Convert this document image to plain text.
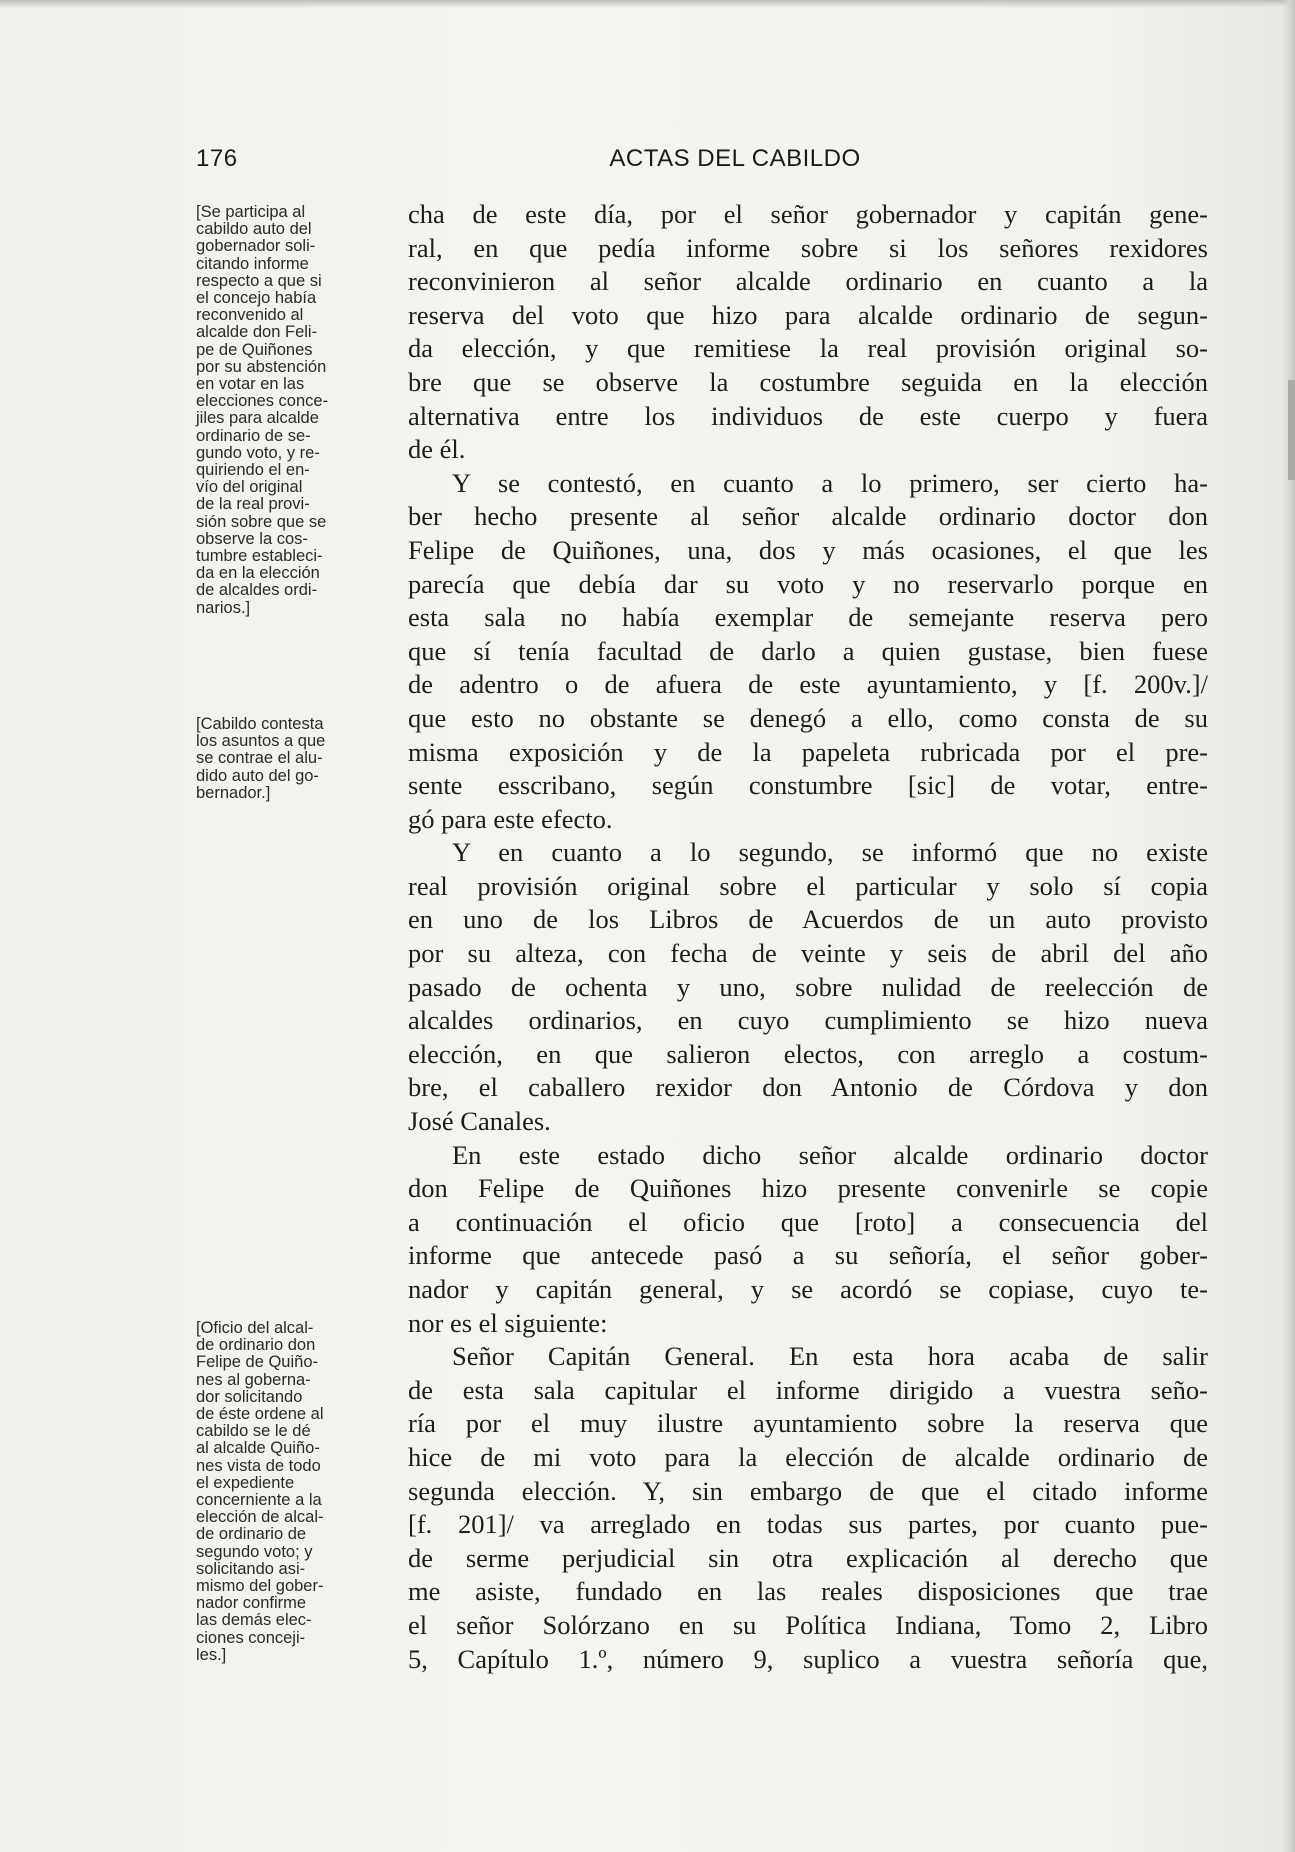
176	ACTAS DEL CABILDO
[Se participa al
cabildo auto del
gobernador soli-
citando informe
respecto a que si
el concejo había
reconvenido al
alcalde don Feli-
pe de Quiñones
por su abstención
en votar en las
elecciones conce-
jiles para alcalde
ordinario de se-
gundo voto, y re-
quiriendo el en-
vío del original
de la real provi-
sión sobre que se
observe la cos-
tumbre estableci-
da en la elección
de alcaldes ordi-
narios.]
[Cabildo contesta
los asuntos a que
se contrae el alu-
dido auto del go-
bernador.]
[Oficio del alcal-
de ordinario don
Felipe de Quiño-
nes al goberna-
dor solicitando
de éste ordene al
cabildo se le dé
al alcalde Quiño-
nes vista de todo
el expediente
concerniente a la
elección de alcal-
de ordinario de
segundo voto; y
solicitando asi-
mismo del gober-
nador confirme
las demás elec-
ciones conceji-
les.]
cha de este día, por el señor gobernador y capitán gene-
ral, en que pedía informe sobre si los señores rexidores
reconvinieron al señor alcalde ordinario en cuanto a la
reserva del voto que hizo para alcalde ordinario de segun-
da elección, y que remitiese la real provisión original so-
bre que se observe la costumbre seguida en la elección
alternativa entre los individuos de este cuerpo y fuera
de él.
Y se contestó, en cuanto a lo primero, ser cierto ha-
ber hecho presente al señor alcalde ordinario doctor don
Felipe de Quiñones, una, dos y más ocasiones, el que les
parecía que debía dar su voto y no reservarlo porque en
esta sala no había exemplar de semejante reserva pero
que sí tenía facultad de darlo a quien gustase, bien fuese
de adentro o de afuera de este ayuntamiento, y [f. 200v.]/
que esto no obstante se denegó a ello, como consta de su
misma exposición y de la papeleta rubricada por el pre-
sente esscribano, según constumbre [sic] de votar, entre-
gó para este efecto.
Y en cuanto a lo segundo, se informó que no existe
real provisión original sobre el particular y solo sí copia
en uno de los Libros de Acuerdos de un auto provisto
por su alteza, con fecha de veinte y seis de abril del año
pasado de ochenta y uno, sobre nulidad de reelección de
alcaldes ordinarios, en cuyo cumplimiento se hizo nueva
elección, en que salieron electos, con arreglo a costum-
bre, el caballero rexidor don Antonio de Córdova y don
José Canales.
En este estado dicho señor alcalde ordinario doctor
don Felipe de Quiñones hizo presente convenirle se copie
a continuación el oficio que [roto] a consecuencia del
informe que antecede pasó a su señoría, el señor gober-
nador y capitán general, y se acordó se copiase, cuyo te-
nor es el siguiente:
Señor Capitán General. En esta hora acaba de salir
de esta sala capitular el informe dirigido a vuestra seño-
ría por el muy ilustre ayuntamiento sobre la reserva que
hice de mi voto para la elección de alcalde ordinario de
segunda elección. Y, sin embargo de que el citado informe
[f. 201]/ va arreglado en todas sus partes, por cuanto pue-
de serme perjudicial sin otra explicación al derecho que
me asiste, fundado en las reales disposiciones que trae
el señor Solórzano en su Política Indiana, Tomo 2, Libro
5, Capítulo 1.º, número 9, suplico a vuestra señoría que,
